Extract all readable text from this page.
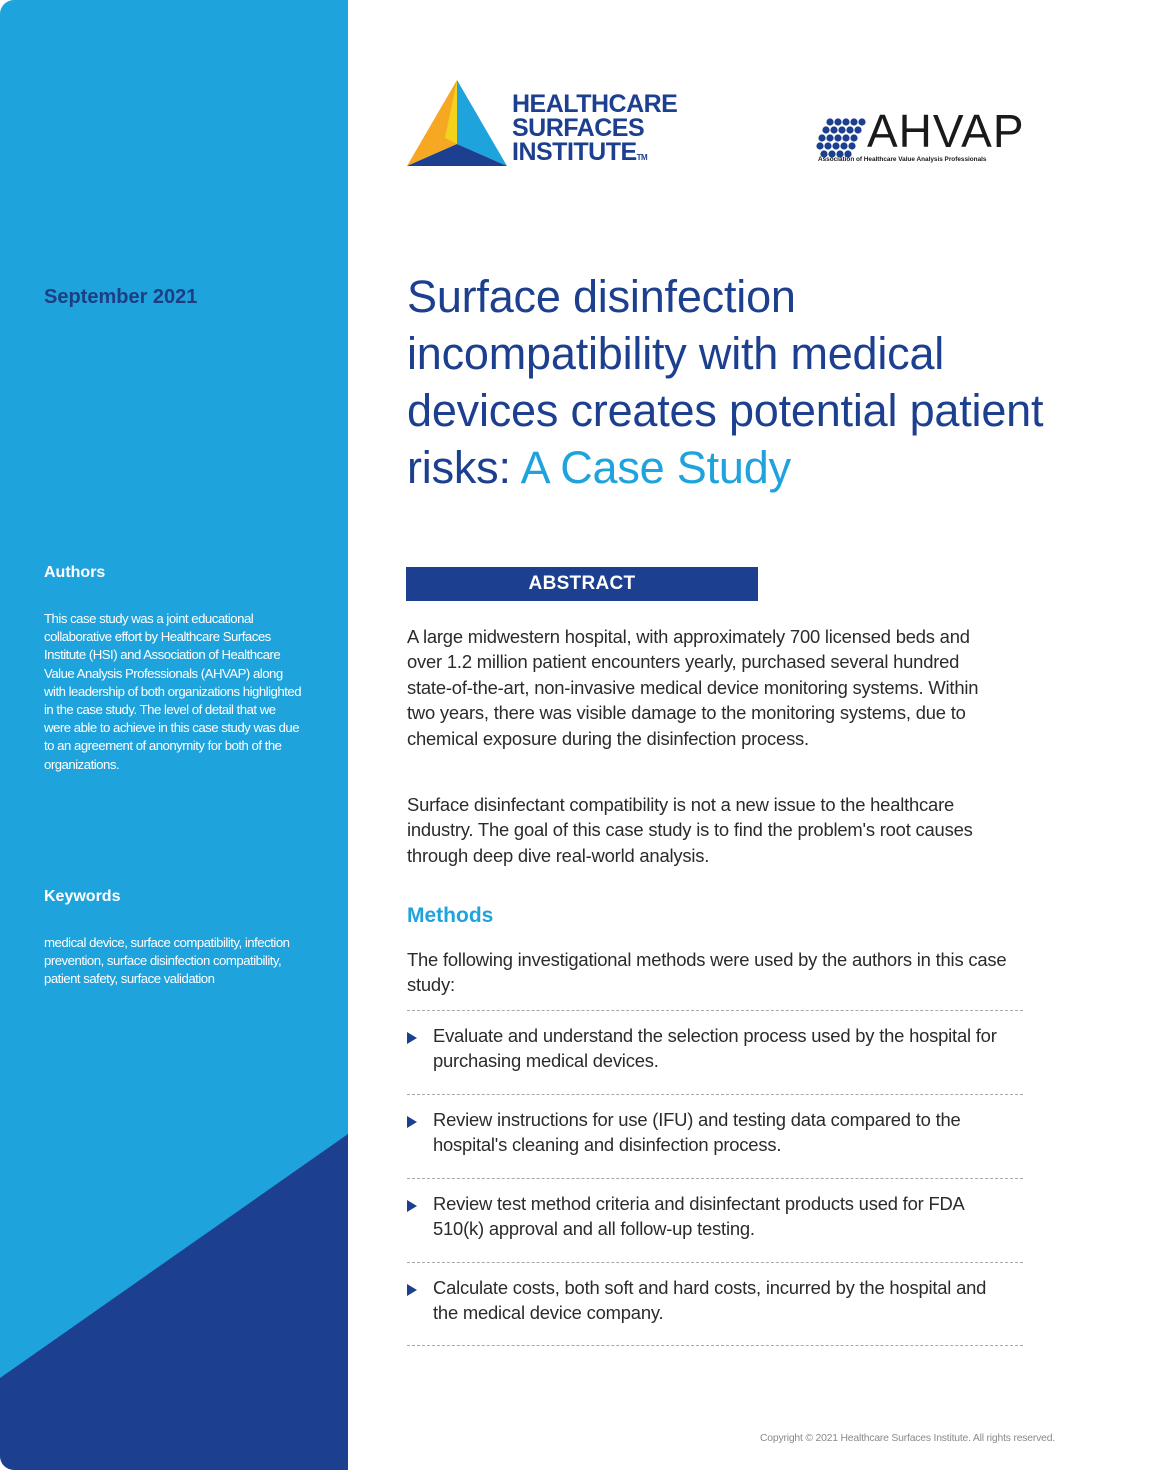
September 2021
Authors
This case study was a joint educational collaborative effort by Healthcare Surfaces Institute (HSI) and Association of Healthcare Value Analysis Professionals (AHVAP) along with leadership of both organizations highlighted in the case study. The level of detail that we were able to achieve in this case study was due to an agreement of anonymity for both of the organizations.
Keywords
medical device, surface compatibility, infection prevention, surface disinfection compatibility, patient safety, surface validation
HEALTHCARE
SURFACES
INSTITUTETM
AHVAP
Association of Healthcare Value Analysis Professionals
Surface disinfection incompatibility with medical devices creates potential patient risks: A Case Study
ABSTRACT
A large midwestern hospital, with approximately 700 licensed beds and over 1.2 million patient encounters yearly, purchased several hundred state-of-the-art, non-invasive medical device monitoring systems. Within two years, there was visible damage to the monitoring systems, due to chemical exposure during the disinfection process.
Surface disinfectant compatibility is not a new issue to the healthcare industry. The goal of this case study is to find the problem's root causes through deep dive real-world analysis.
Methods
The following investigational methods were used by the authors in this case study:
Evaluate and understand the selection process used by the hospital for purchasing medical devices.
Review instructions for use (IFU) and testing data compared to the hospital's cleaning and disinfection process.
Review test method criteria and disinfectant products used for FDA 510(k) approval and all follow-up testing.
Calculate costs, both soft and hard costs, incurred by the hospital and the medical device company.
Copyright © 2021 Healthcare Surfaces Institute. All rights reserved.
